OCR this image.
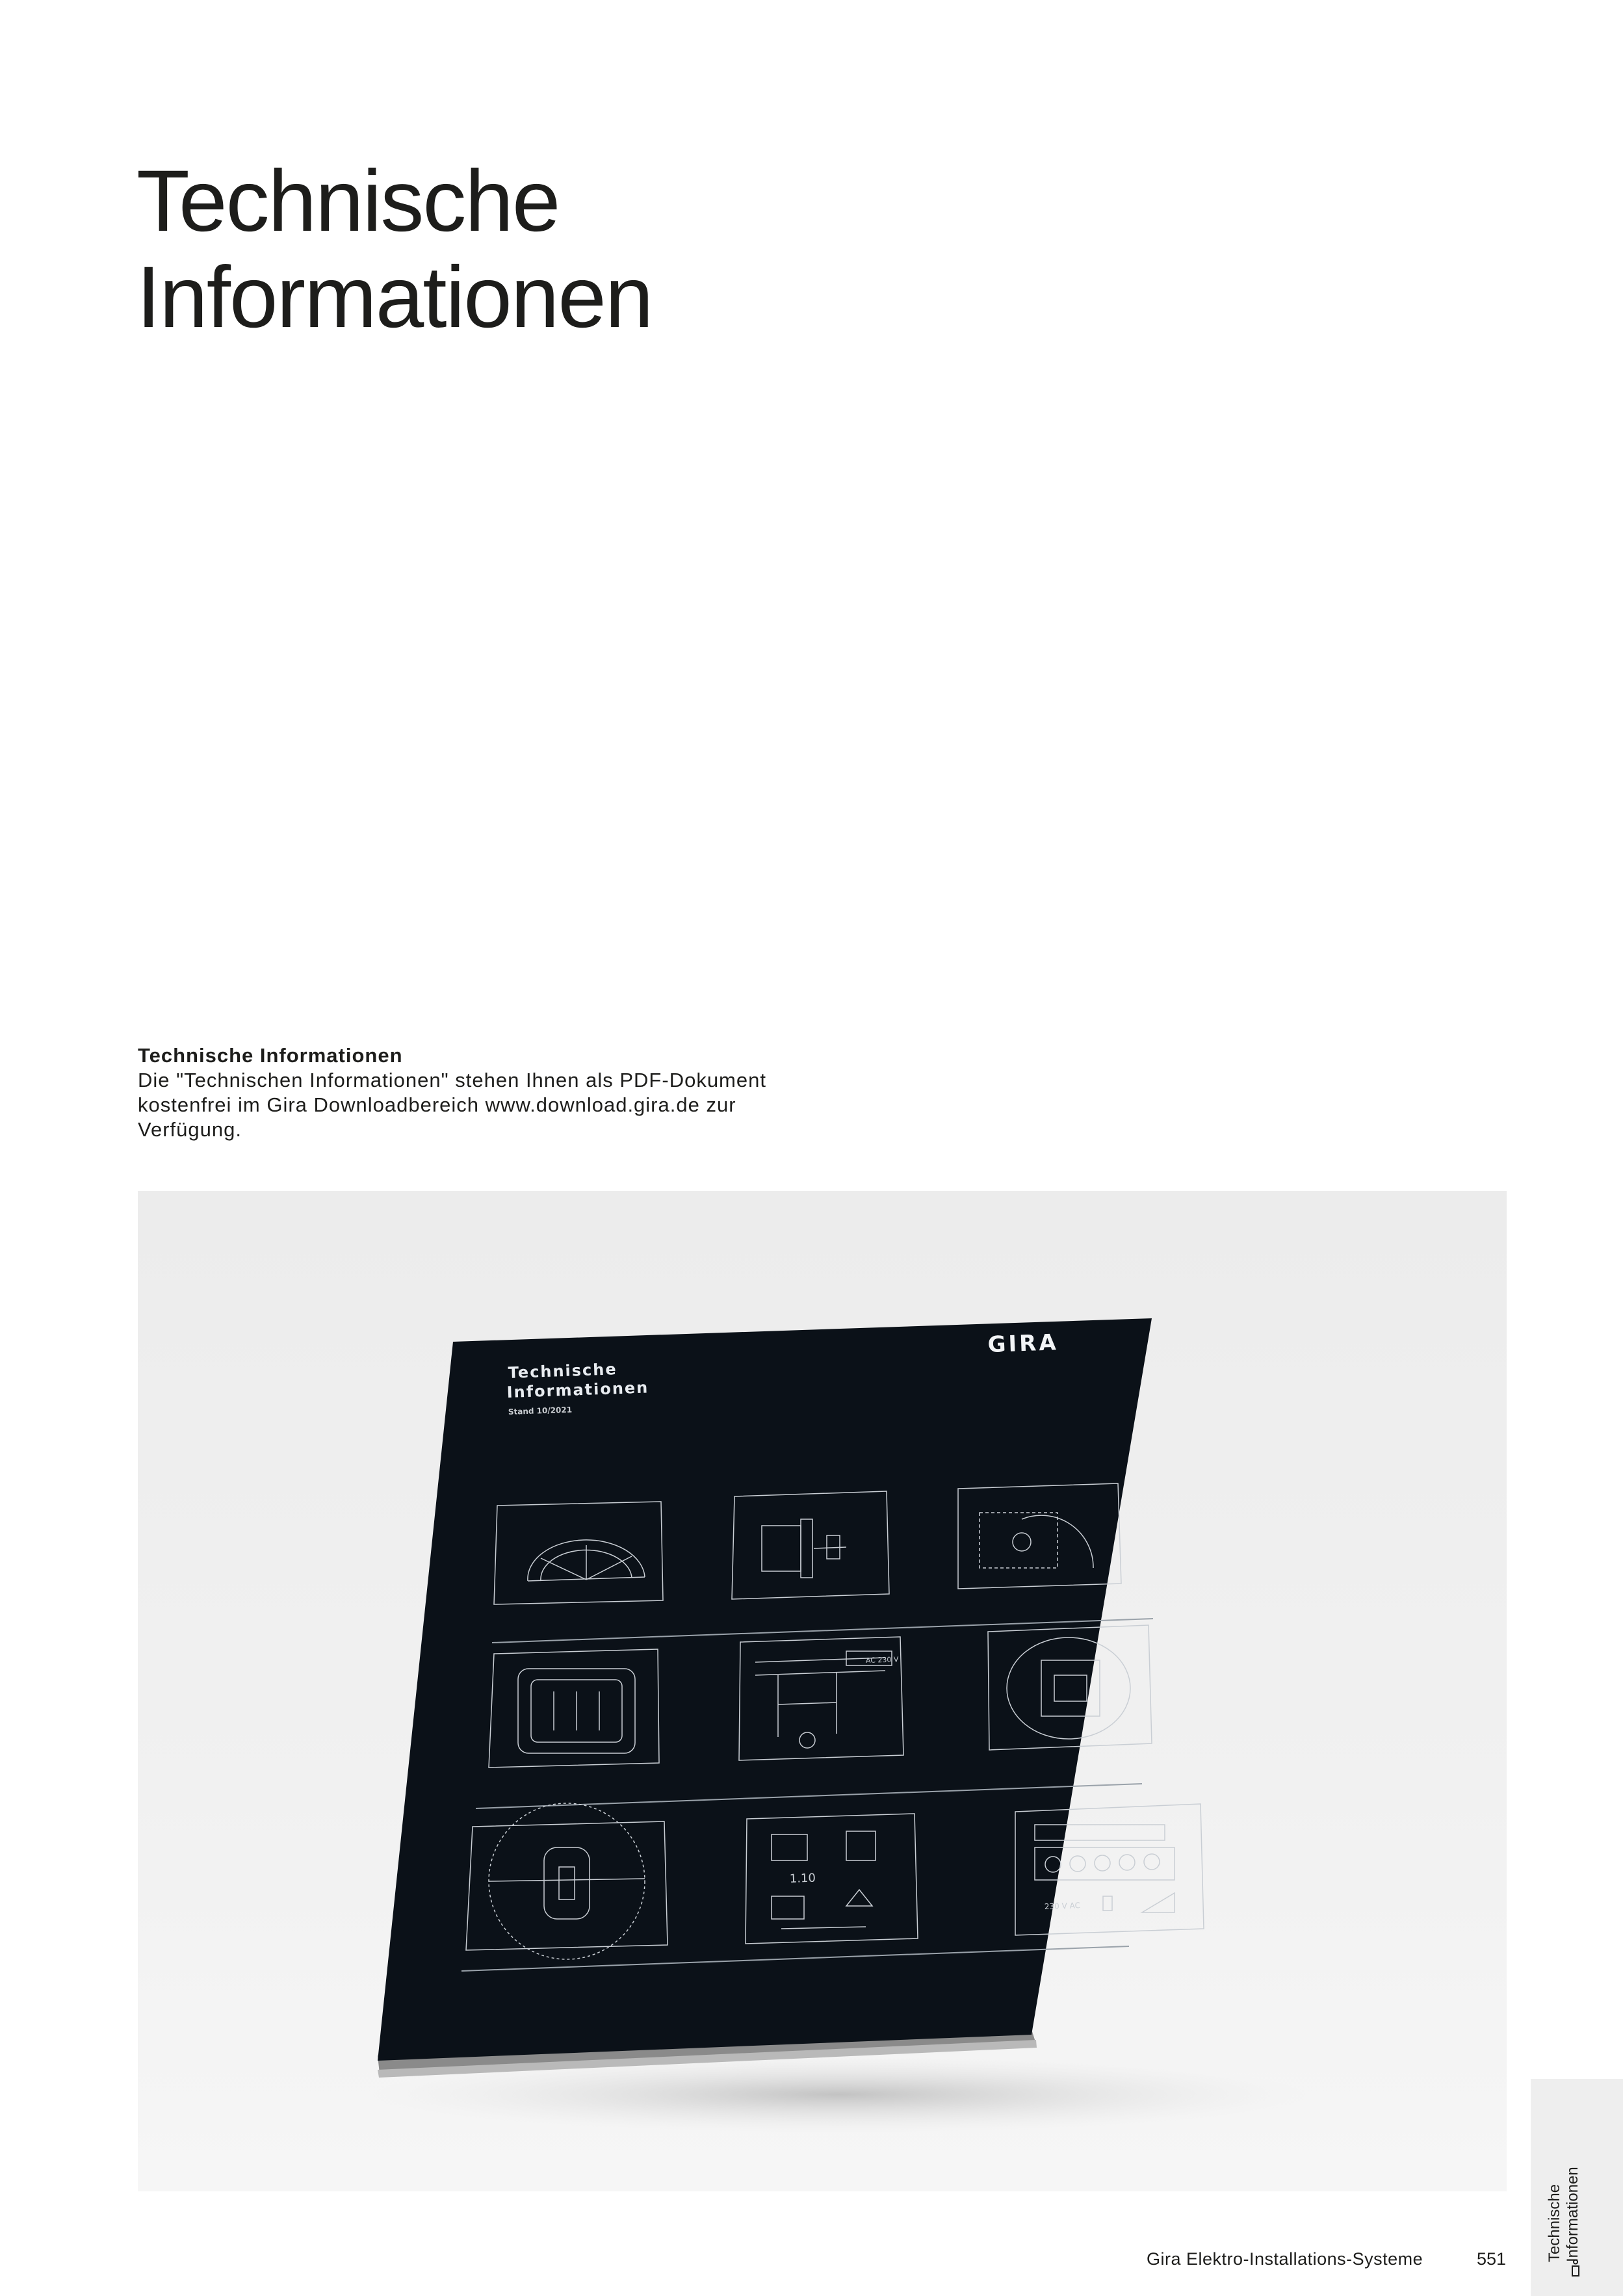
Technische
Informationen

Technische Informationen

Die "Technischen Informationen" stehen Ihnen als PDF-Dokument

kostenfrei im Gira Downloadbereich www.download.gira.de zur

Verfügung.

Technische
Informationen
Stand 10/2021
GIRA
AC 230 V
1.10
230 V AC
Technische Informationen
Gira Elektro-Installations-Systeme	551
